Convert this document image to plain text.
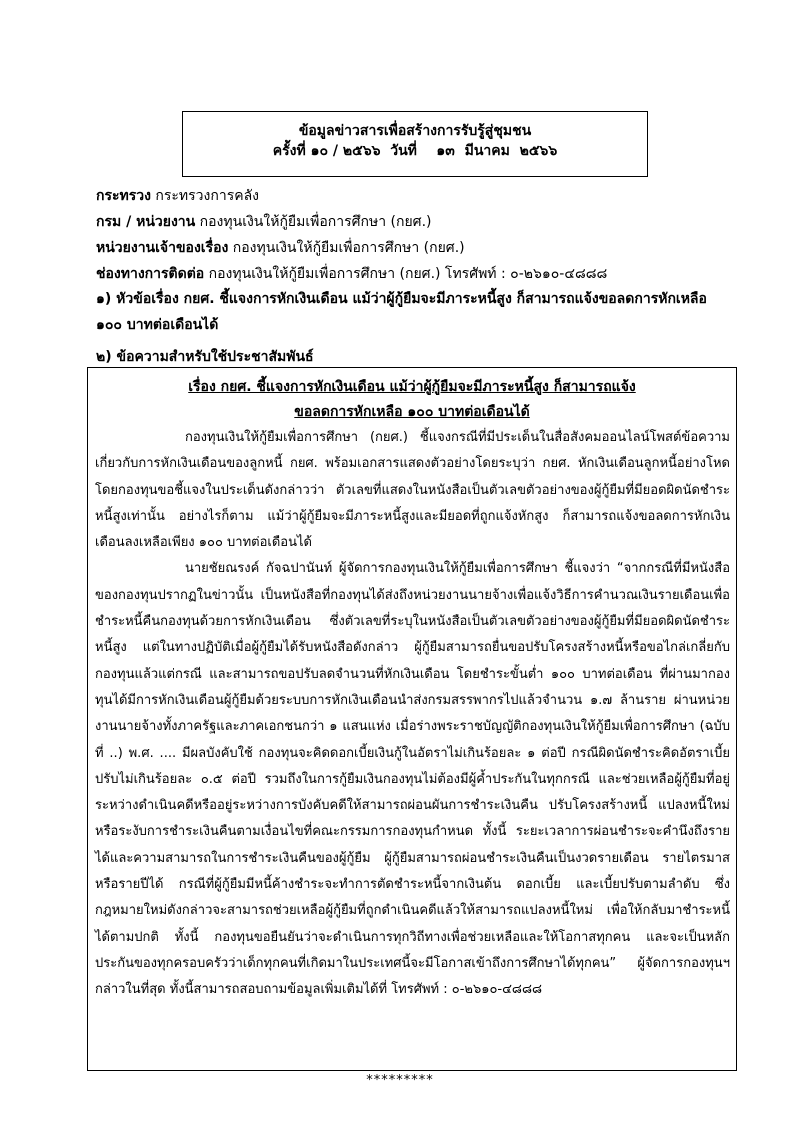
ข้อมูลข่าวสารเพื่อสร้างการรับรู้สู่ชุมชน
ครั้งที่ ๑๐ / ๒๕๖๖  วันที่    ๑๓  มีนาคม  ๒๕๖๖
กระทรวง กระทรวงการคลัง
กรม / หน่วยงาน กองทุนเงินให้กู้ยืมเพื่อการศึกษา (กยศ.)
หน่วยงานเจ้าของเรื่อง กองทุนเงินให้กู้ยืมเพื่อการศึกษา (กยศ.)
ช่องทางการติดต่อ กองทุนเงินให้กู้ยืมเพื่อการศึกษา (กยศ.) โทรศัพท์ : ๐-๒๖๑๐-๔๘๘๘
๑) หัวข้อเรื่อง กยศ. ชี้แจงการหักเงินเดือน แม้ว่าผู้กู้ยืมจะมีภาระหนี้สูง ก็สามารถแจ้งขอลดการหักเหลือ ๑๐๐ บาทต่อเดือนได้
๒) ข้อความสำหรับใช้ประชาสัมพันธ์
เรื่อง กยศ. ชี้แจงการหักเงินเดือน แม้ว่าผู้กู้ยืมจะมีภาระหนี้สูง ก็สามารถแจ้ง
ขอลดการหักเหลือ ๑๐๐ บาทต่อเดือนได้

กองทุนเงินให้กู้ยืมเพื่อการศึกษา (กยศ.) ชี้แจงกรณีที่มีประเด็นในสื่อสังคมออนไลน์โพสต์ข้อความเกี่ยวกับการหักเงินเดือนของลูกหนี้ กยศ. พร้อมเอกสารแสดงตัวอย่างโดยระบุว่า กยศ. หักเงินเดือนลูกหนี้อย่างโหด โดยกองทุนขอชี้แจงในประเด็นดังกล่าวว่า ตัวเลขที่แสดงในหนังสือเป็นตัวเลขตัวอย่างของผู้กู้ยืมที่มียอดผิดนัดชำระหนี้สูงเท่านั้น อย่างไรก็ตาม แม้ว่าผู้กู้ยืมจะมีภาระหนี้สูงและมียอดที่ถูกแจ้งหักสูง ก็สามารถแจ้งขอลดการหักเงินเดือนลงเหลือเพียง ๑๐๐ บาทต่อเดือนได้

นายชัยณรงค์ กัจฉปานันท์ ผู้จัดการกองทุนเงินให้กู้ยืมเพื่อการศึกษา ชี้แจงว่า “จากกรณีที่มีหนังสือของกองทุนปรากฏในข่าวนั้น เป็นหนังสือที่กองทุนได้ส่งถึงหน่วยงานนายจ้างเพื่อแจ้งวิธีการคำนวณเงินรายเดือนเพื่อชำระหนี้คืนกองทุนด้วยการหักเงินเดือน ซึ่งตัวเลขที่ระบุในหนังสือเป็นตัวเลขตัวอย่างของผู้กู้ยืมที่มียอดผิดนัดชำระหนี้สูง แต่ในทางปฏิบัติเมื่อผู้กู้ยืมได้รับหนังสือดังกล่าว ผู้กู้ยืมสามารถยื่นขอปรับโครงสร้างหนี้หรือขอไกล่เกลี่ยกับกองทุนแล้วแต่กรณี และสามารถขอปรับลดจำนวนที่หักเงินเดือน โดยชำระขั้นต่ำ ๑๐๐ บาทต่อเดือน ที่ผ่านมากองทุนได้มีการหักเงินเดือนผู้กู้ยืมด้วยระบบการหักเงินเดือนนำส่งกรมสรรพากรไปแล้วจำนวน ๑.๗ ล้านราย ผ่านหน่วยงานนายจ้างทั้งภาครัฐและภาคเอกชนกว่า ๑ แสนแห่ง เมื่อร่างพระราชบัญญัติกองทุนเงินให้กู้ยืมเพื่อการศึกษา (ฉบับที่ ..) พ.ศ. .... มีผลบังคับใช้ กองทุนจะคิดดอกเบี้ยเงินกู้ในอัตราไม่เกินร้อยละ ๑ ต่อปี กรณีผิดนัดชำระคิดอัตราเบี้ยปรับไม่เกินร้อยละ ๐.๕ ต่อปี รวมถึงในการกู้ยืมเงินกองทุนไม่ต้องมีผู้ค้ำประกันในทุกกรณี และช่วยเหลือผู้กู้ยืมที่อยู่ระหว่างดำเนินคดีหรืออยู่ระหว่างการบังคับคดีให้สามารถผ่อนผันการชำระเงินคืน ปรับโครงสร้างหนี้ แปลงหนี้ใหม่ หรือระงับการชำระเงินคืนตามเงื่อนไขที่คณะกรรมการกองทุนกำหนด ทั้งนี้ ระยะเวลาการผ่อนชำระจะคำนึงถึงรายได้และความสามารถในการชำระเงินคืนของผู้กู้ยืม ผู้กู้ยืมสามารถผ่อนชำระเงินคืนเป็นงวดรายเดือน รายไตรมาส หรือรายปีได้ กรณีที่ผู้กู้ยืมมีหนี้ค้างชำระจะทำการตัดชำระหนี้จากเงินต้น ดอกเบี้ย และเบี้ยปรับตามลำดับ ซึ่งกฎหมายใหม่ดังกล่าวจะสามารถช่วยเหลือผู้กู้ยืมที่ถูกดำเนินคดีแล้วให้สามารถแปลงหนี้ใหม่ เพื่อให้กลับมาชำระหนี้ได้ตามปกติ ทั้งนี้ กองทุนขอยืนยันว่าจะดำเนินการทุกวิถีทางเพื่อช่วยเหลือและให้โอกาสทุกคน และจะเป็นหลักประกันของทุกครอบครัวว่าเด็กทุกคนที่เกิดมาในประเทศนี้จะมีโอกาสเข้าถึงการศึกษาได้ทุกคน” ผู้จัดการกองทุนฯ กล่าวในที่สุด ทั้งนี้สามารถสอบถามข้อมูลเพิ่มเติมได้ที่ โทรศัพท์ : ๐-๒๖๑๐-๔๘๘๘

*********
